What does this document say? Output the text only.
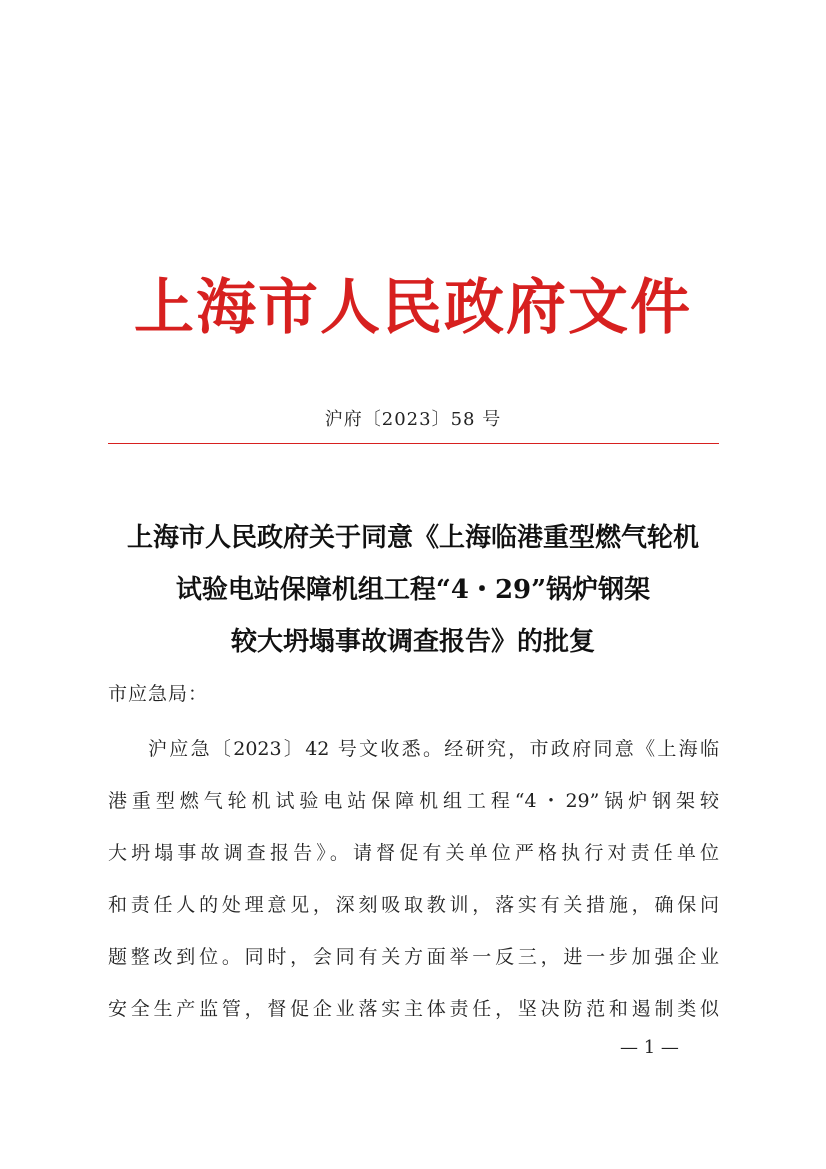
上海市人民政府文件
沪府〔2023〕58 号
上海市人民政府关于同意《上海临港重型燃气轮机
试验电站保障机组工程“4・29”锅炉钢架
较大坍塌事故调查报告》的批复
市应急局：
沪应急〔2023〕42 号文收悉。经研究，市政府同意《上海临
港重型燃气轮机试验电站保障机组工程“4・29”锅炉钢架较
大坍塌事故调查报告》。请督促有关单位严格执行对责任单位
和责任人的处理意见，深刻吸取教训，落实有关措施，确保问
题整改到位。同时，会同有关方面举一反三，进一步加强企业
安全生产监管，督促企业落实主体责任，坚决防范和遏制类似
— 1 —
